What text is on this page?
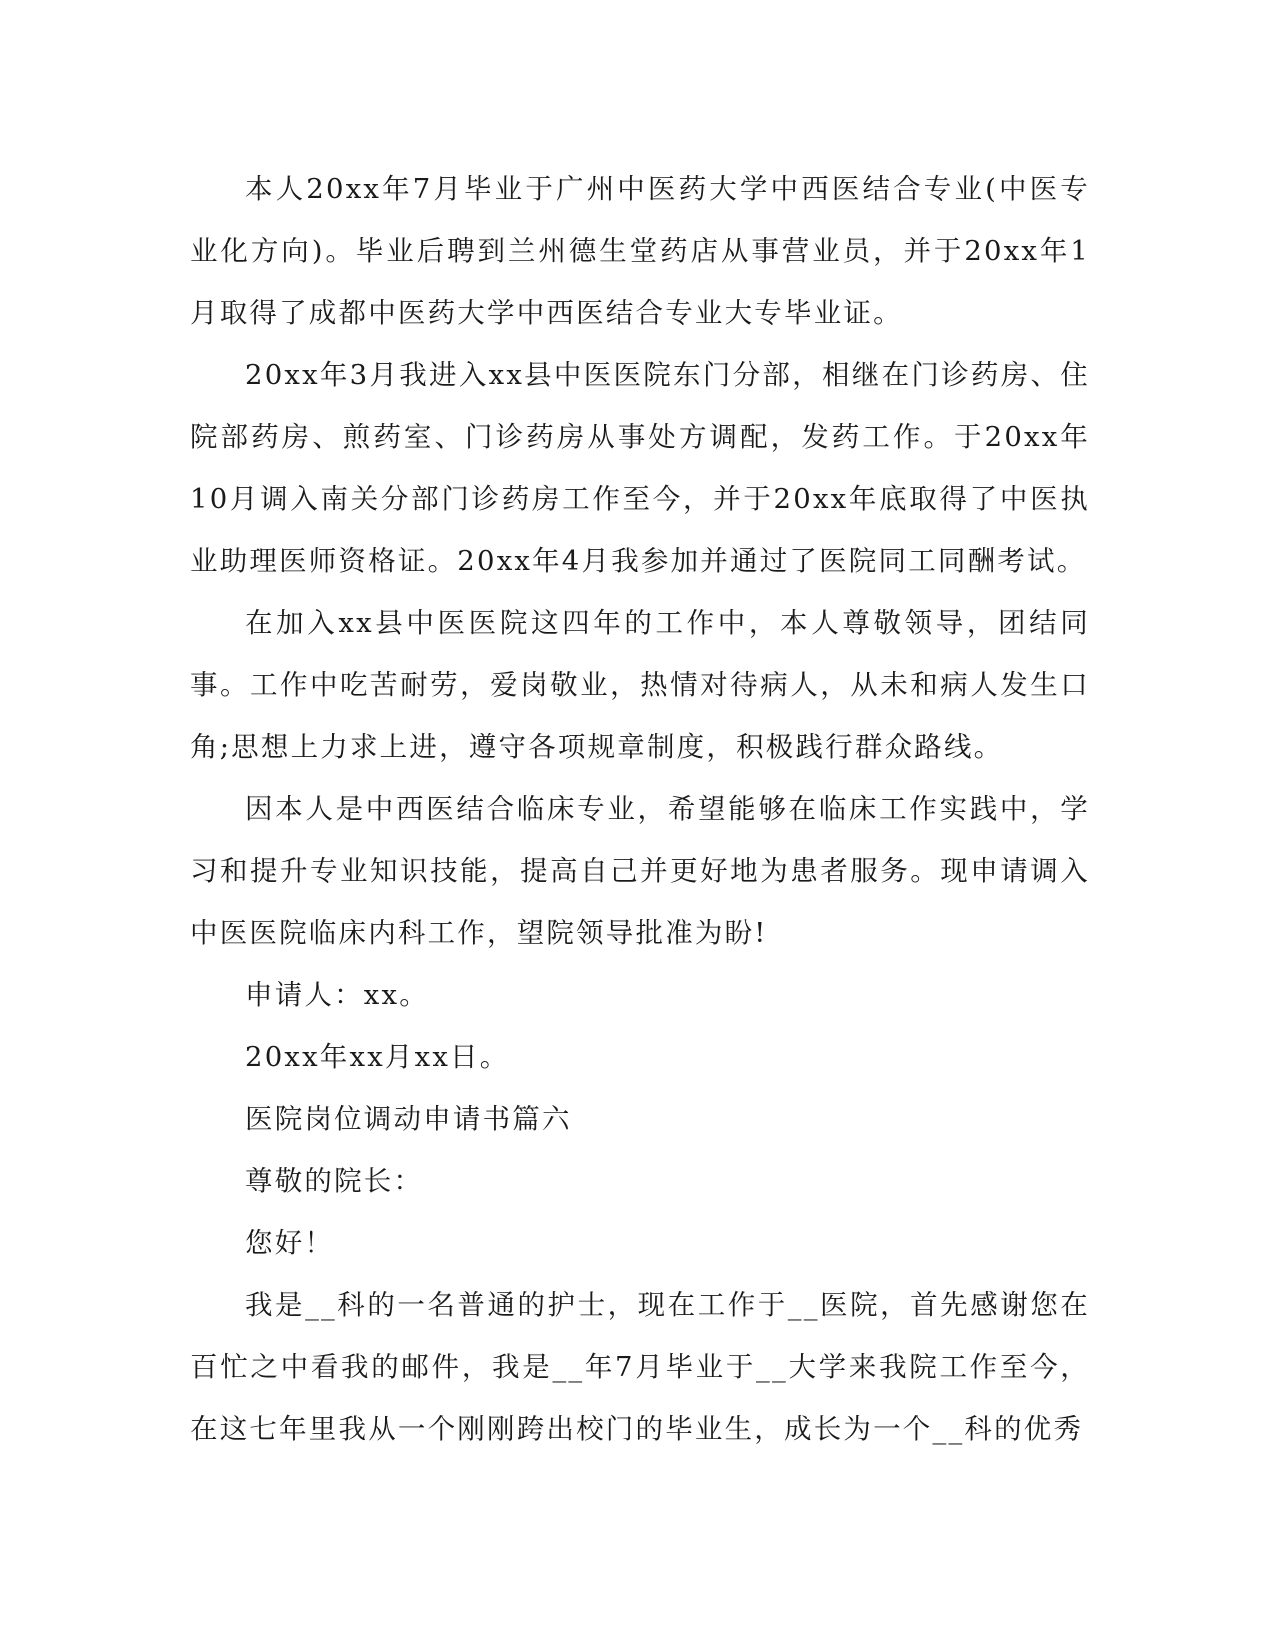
本人20xx年7月毕业于广州中医药大学中西医结合专业(中医专业化方向)。毕业后聘到兰州德生堂药店从事营业员，并于20xx年1月取得了成都中医药大学中西医结合专业大专毕业证。

20xx年3月我进入xx县中医医院东门分部，相继在门诊药房、住院部药房、煎药室、门诊药房从事处方调配，发药工作。于20xx年10月调入南关分部门诊药房工作至今，并于20xx年底取得了中医执业助理医师资格证。20xx年4月我参加并通过了医院同工同酬考试。

在加入xx县中医医院这四年的工作中，本人尊敬领导，团结同事。工作中吃苦耐劳，爱岗敬业，热情对待病人，从未和病人发生口角;思想上力求上进，遵守各项规章制度，积极践行群众路线。

因本人是中西医结合临床专业，希望能够在临床工作实践中，学习和提升专业知识技能，提高自己并更好地为患者服务。现申请调入中医医院临床内科工作，望院领导批准为盼!

申请人：xx。

20xx年xx月xx日。

医院岗位调动申请书篇六

尊敬的院长：

您好！

我是__科的一名普通的护士，现在工作于__医院，首先感谢您在百忙之中看我的邮件，我是__年7月毕业于__大学来我院工作至今，在这七年里我从一个刚刚跨出校门的毕业生，成长为一个__科的优秀
